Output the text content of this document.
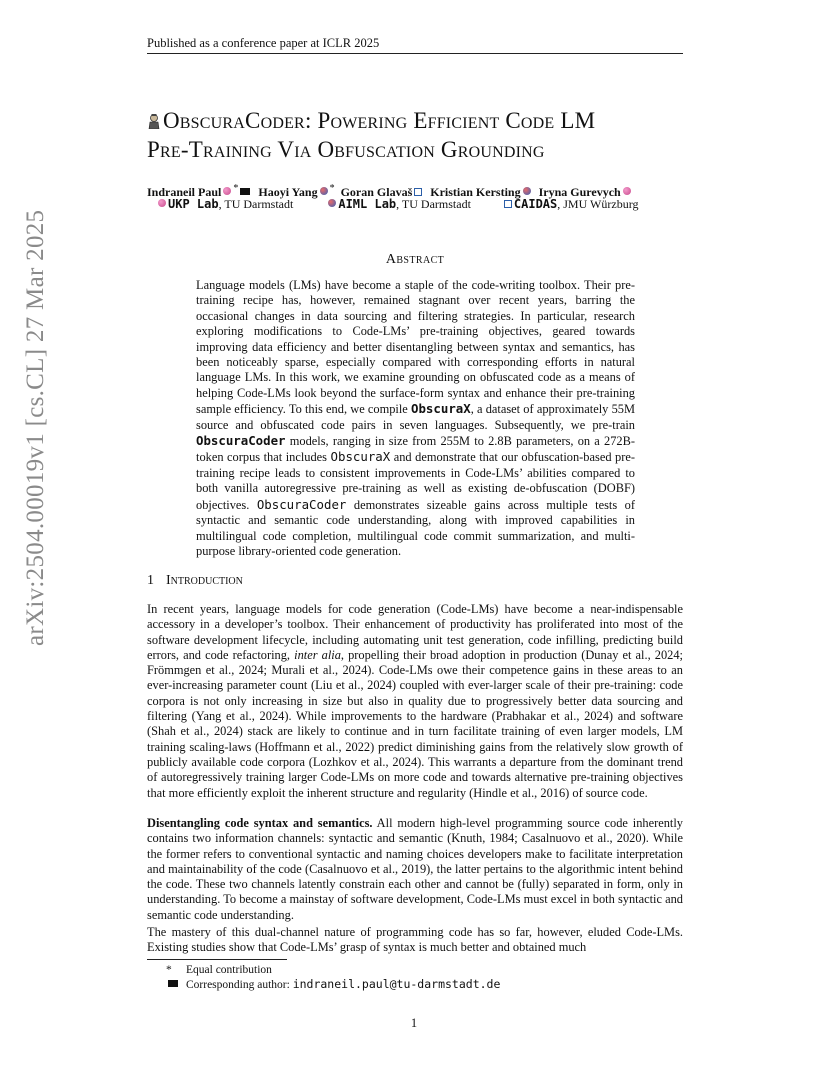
Published as a conference paper at ICLR 2025
arXiv:2504.00019v1 [cs.CL] 27 Mar 2025
ObscuraCoder: Powering Efficient Code LM
Pre-Training Via Obfuscation Grounding
Indraneil Paul * Haoyi Yang * Goran Glavaš Kristian Kersting Iryna Gurevych
UKP Lab, TU Darmstadt	AIML Lab, TU Darmstadt	CAIDAS, JMU Würzburg
Abstract
Language models (LMs) have become a staple of the code-writing toolbox. Their pre-training recipe has, however, remained stagnant over recent years, barring the occasional changes in data sourcing and filtering strategies. In particular, research exploring modifications to Code-LMs’ pre-training objectives, geared towards improving data efficiency and better disentangling between syntax and semantics, has been noticeably sparse, especially compared with corresponding efforts in natural language LMs. In this work, we examine grounding on obfuscated code as a means of helping Code-LMs look beyond the surface-form syntax and enhance their pre-training sample efficiency. To this end, we compile ObscuraX, a dataset of approximately 55M source and obfuscated code pairs in seven languages. Subsequently, we pre-train ObscuraCoder models, ranging in size from 255M to 2.8B parameters, on a 272B-token corpus that includes ObscuraX and demonstrate that our obfuscation-based pre-training recipe leads to consistent improvements in Code-LMs’ abilities compared to both vanilla autoregressive pre-training as well as existing de-obfuscation (DOBF) objectives. ObscuraCoder demonstrates sizeable gains across multiple tests of syntactic and semantic code understanding, along with improved capabilities in multilingual code completion, multilingual code commit summarization, and multi-purpose library-oriented code generation.
1 Introduction
In recent years, language models for code generation (Code-LMs) have become a near-indispensable accessory in a developer’s toolbox. Their enhancement of productivity has proliferated into most of the software development lifecycle, including automating unit test generation, code infilling, predicting build errors, and code refactoring, inter alia, propelling their broad adoption in production (Dunay et al., 2024; Frömmgen et al., 2024; Murali et al., 2024). Code-LMs owe their competence gains in these areas to an ever-increasing parameter count (Liu et al., 2024) coupled with ever-larger scale of their pre-training: code corpora is not only increasing in size but also in quality due to progressively better data sourcing and filtering (Yang et al., 2024). While improvements to the hardware (Prabhakar et al., 2024) and software (Shah et al., 2024) stack are likely to continue and in turn facilitate training of even larger models, LM training scaling-laws (Hoffmann et al., 2022) predict diminishing gains from the relatively slow growth of publicly available code corpora (Lozhkov et al., 2024). This warrants a departure from the dominant trend of autoregressively training larger Code-LMs on more code and towards alternative pre-training objectives that more efficiently exploit the inherent structure and regularity (Hindle et al., 2016) of source code.
Disentangling code syntax and semantics. All modern high-level programming source code inherently contains two information channels: syntactic and semantic (Knuth, 1984; Casalnuovo et al., 2020). While the former refers to conventional syntactic and naming choices developers make to facilitate interpretation and maintainability of the code (Casalnuovo et al., 2019), the latter pertains to the algorithmic intent behind the code. These two channels latently constrain each other and cannot be (fully) separated in form, only in understanding. To become a mainstay of software development, Code-LMs must excel in both syntactic and semantic code understanding.
The mastery of this dual-channel nature of programming code has so far, however, eluded Code-LMs. Existing studies show that Code-LMs’ grasp of syntax is much better and obtained much
* Equal contribution
Corresponding author: indraneil.paul@tu-darmstadt.de
1
